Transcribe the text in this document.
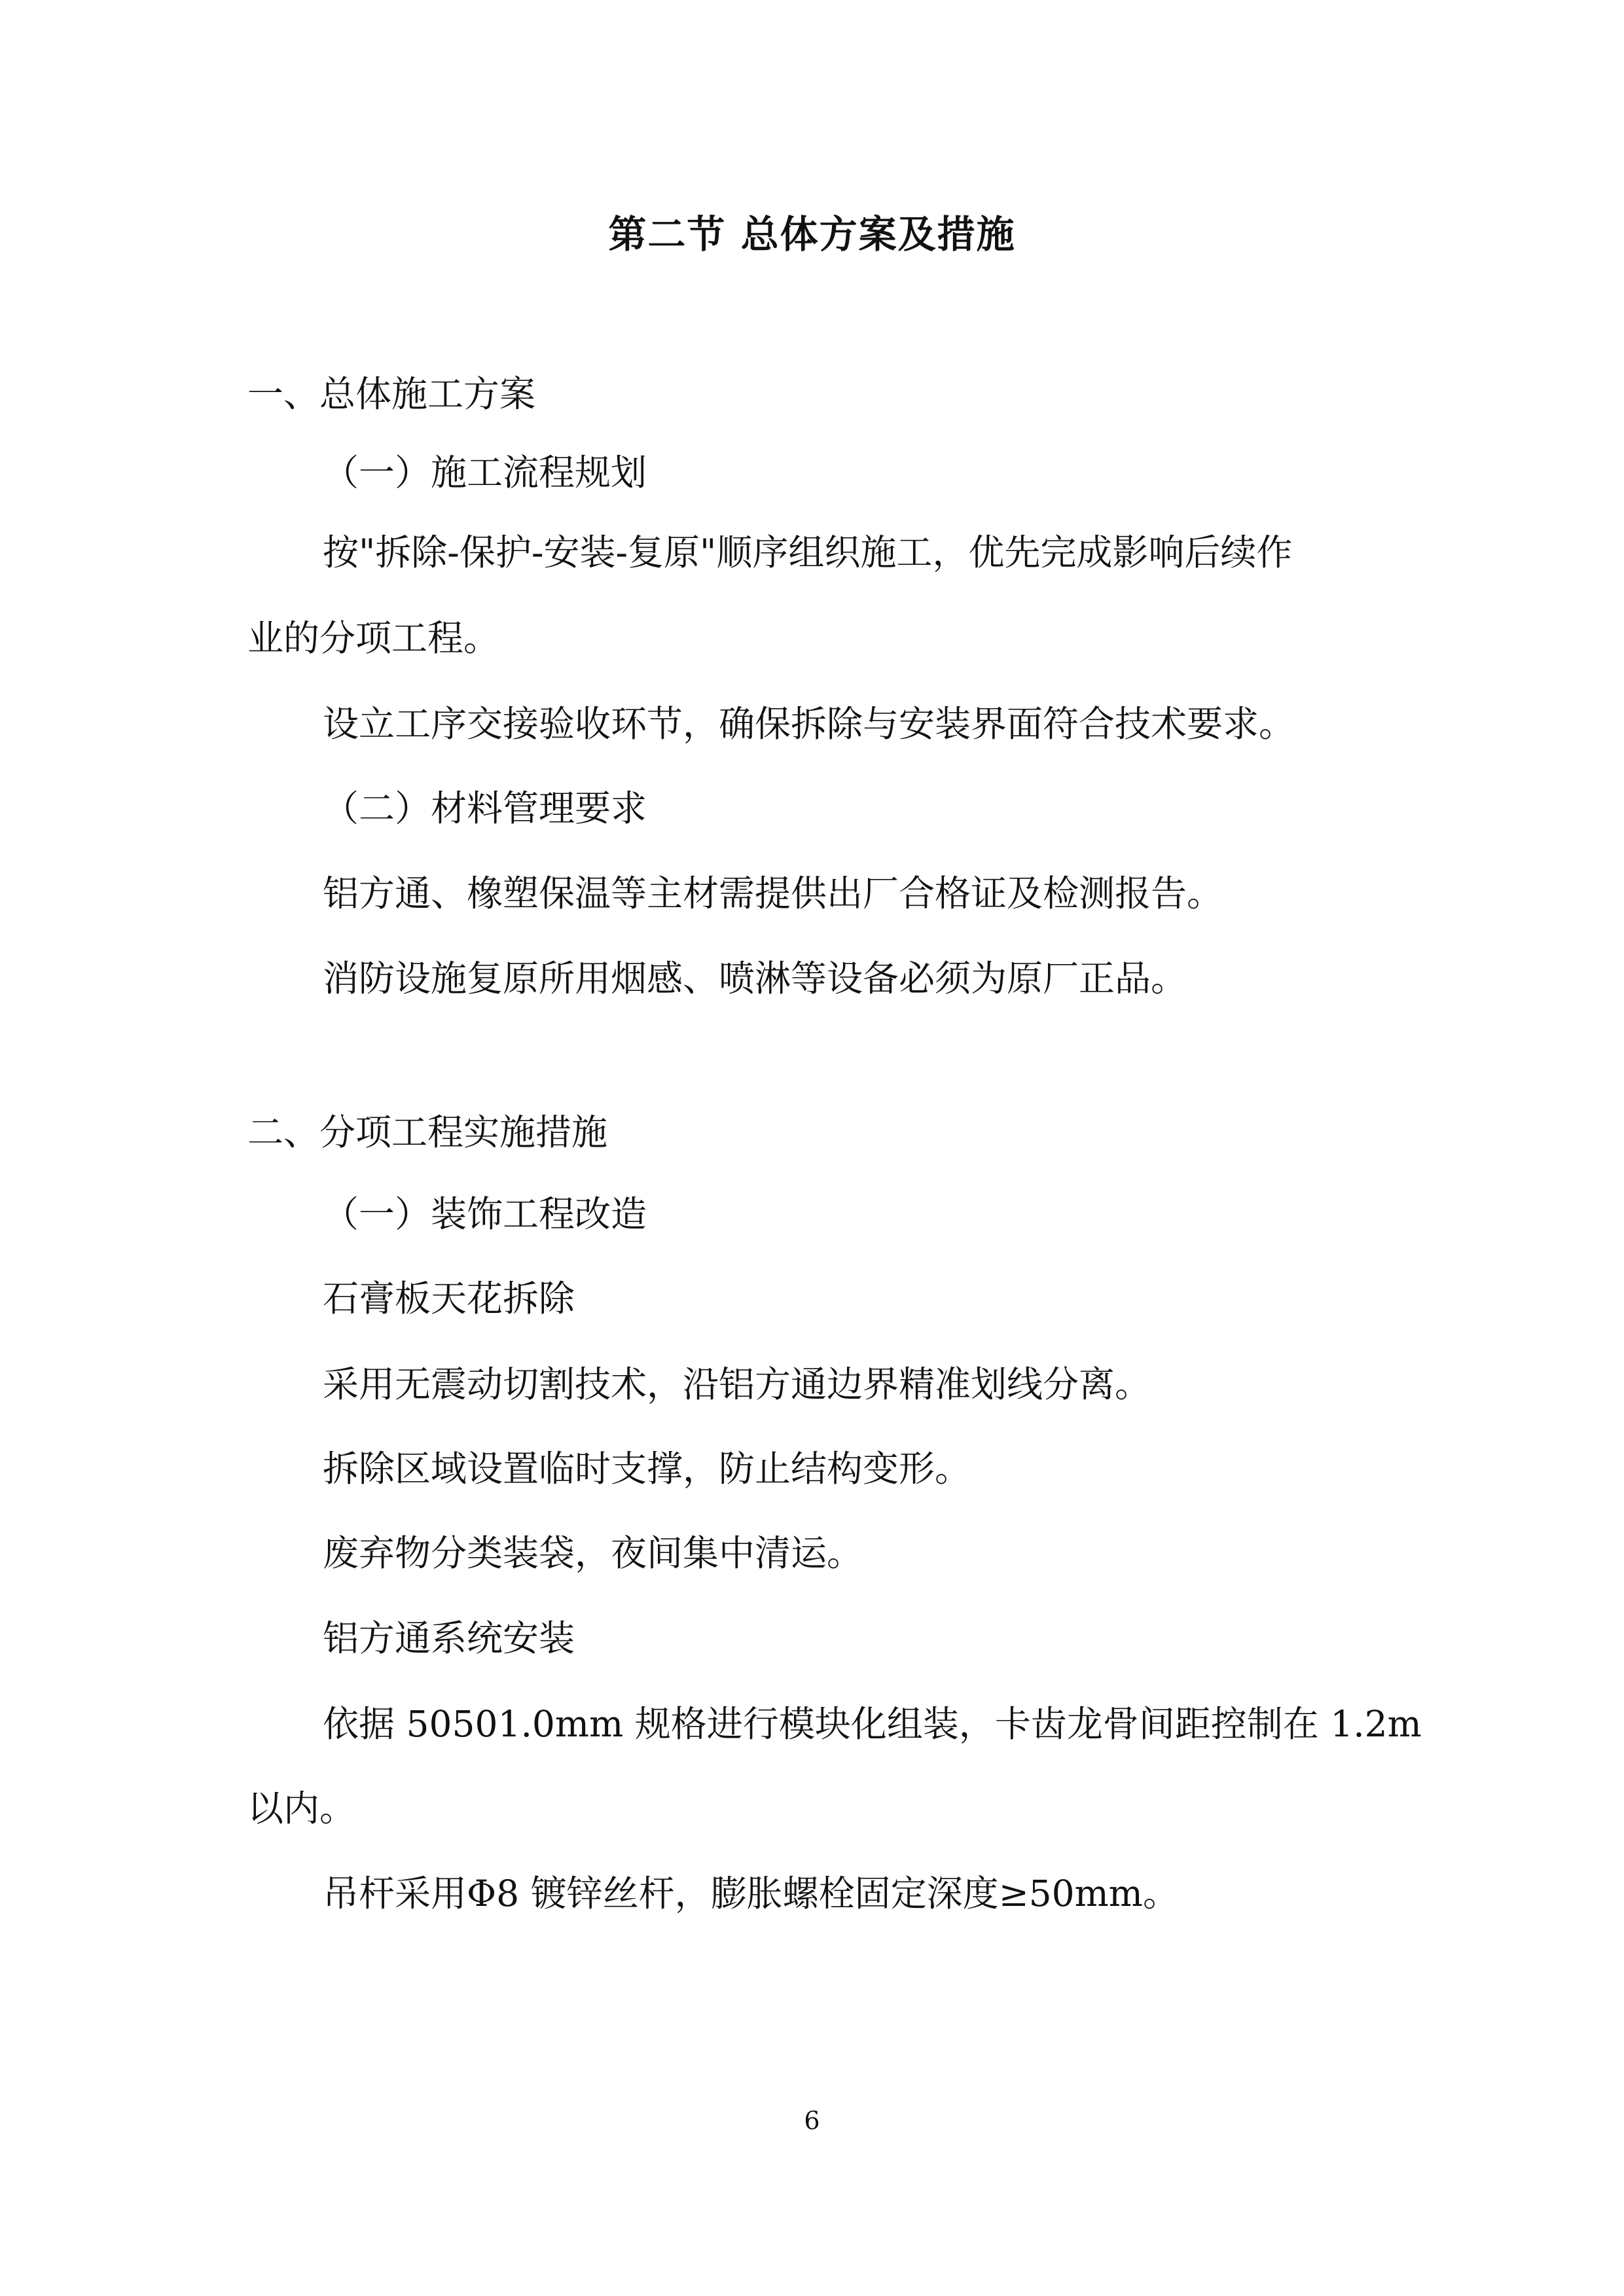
第二节 总体方案及措施
一、总体施工方案
（一）施工流程规划
按"拆除-保护-安装-复原"顺序组织施工，优先完成影响后续作
业的分项工程。
设立工序交接验收环节，确保拆除与安装界面符合技术要求。
（二）材料管理要求
铝方通、橡塑保温等主材需提供出厂合格证及检测报告。
消防设施复原所用烟感、喷淋等设备必须为原厂正品。
二、分项工程实施措施
（一）装饰工程改造
石膏板天花拆除
采用无震动切割技术，沿铝方通边界精准划线分离。
拆除区域设置临时支撑，防止结构变形。
废弃物分类装袋，夜间集中清运。
铝方通系统安装
依据 50501.0mm 规格进行模块化组装，卡齿龙骨间距控制在 1.2m
以内。
吊杆采用Φ8 镀锌丝杆，膨胀螺栓固定深度≥50mm。
6
